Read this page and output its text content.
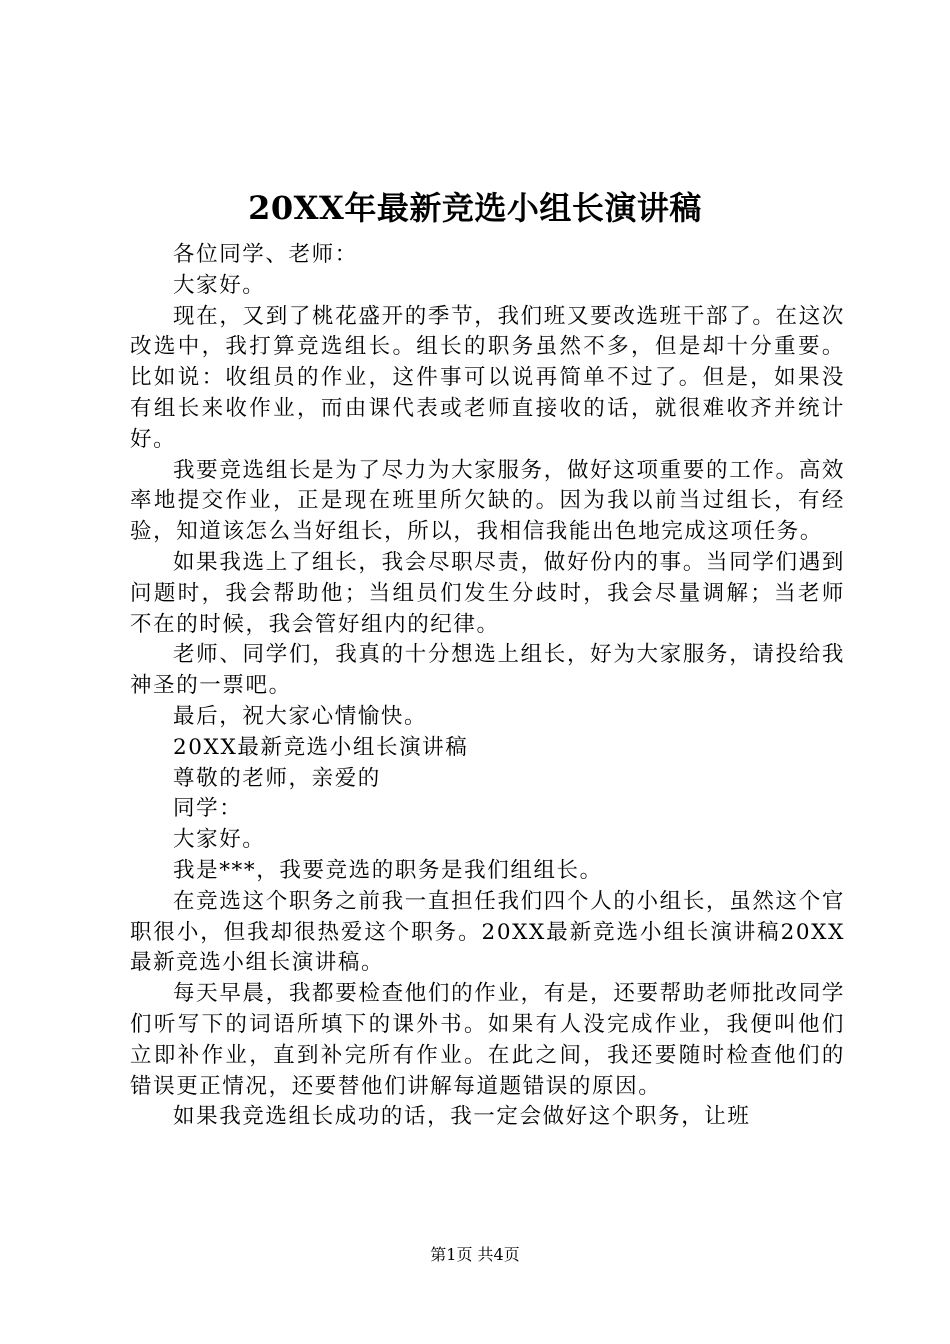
20XX年最新竞选小组长演讲稿

各位同学、老师：

大家好。

现在，又到了桃花盛开的季节，我们班又要改选班干部了。在这次改选中，我打算竞选组长。组长的职务虽然不多，但是却十分重要。比如说：收组员的作业，这件事可以说再简单不过了。但是，如果没有组长来收作业，而由课代表或老师直接收的话，就很难收齐并统计好。

我要竞选组长是为了尽力为大家服务，做好这项重要的工作。高效率地提交作业，正是现在班里所欠缺的。因为我以前当过组长，有经验，知道该怎么当好组长，所以，我相信我能出色地完成这项任务。

如果我选上了组长，我会尽职尽责，做好份内的事。当同学们遇到问题时，我会帮助他；当组员们发生分歧时，我会尽量调解；当老师不在的时候，我会管好组内的纪律。

老师、同学们，我真的十分想选上组长，好为大家服务，请投给我神圣的一票吧。

最后，祝大家心情愉快。

20XX最新竞选小组长演讲稿

尊敬的老师，亲爱的

同学：

大家好。

我是***，我要竞选的职务是我们组组长。

在竞选这个职务之前我一直担任我们四个人的小组长，虽然这个官职很小，但我却很热爱这个职务。20XX最新竞选小组长演讲稿20XX最新竞选小组长演讲稿。

每天早晨，我都要检查他们的作业，有是，还要帮助老师批改同学们听写下的词语所填下的课外书。如果有人没完成作业，我便叫他们立即补作业，直到补完所有作业。在此之间，我还要随时检查他们的错误更正情况，还要替他们讲解每道题错误的原因。

如果我竞选组长成功的话，我一定会做好这个职务，让班

第1页 共4页
